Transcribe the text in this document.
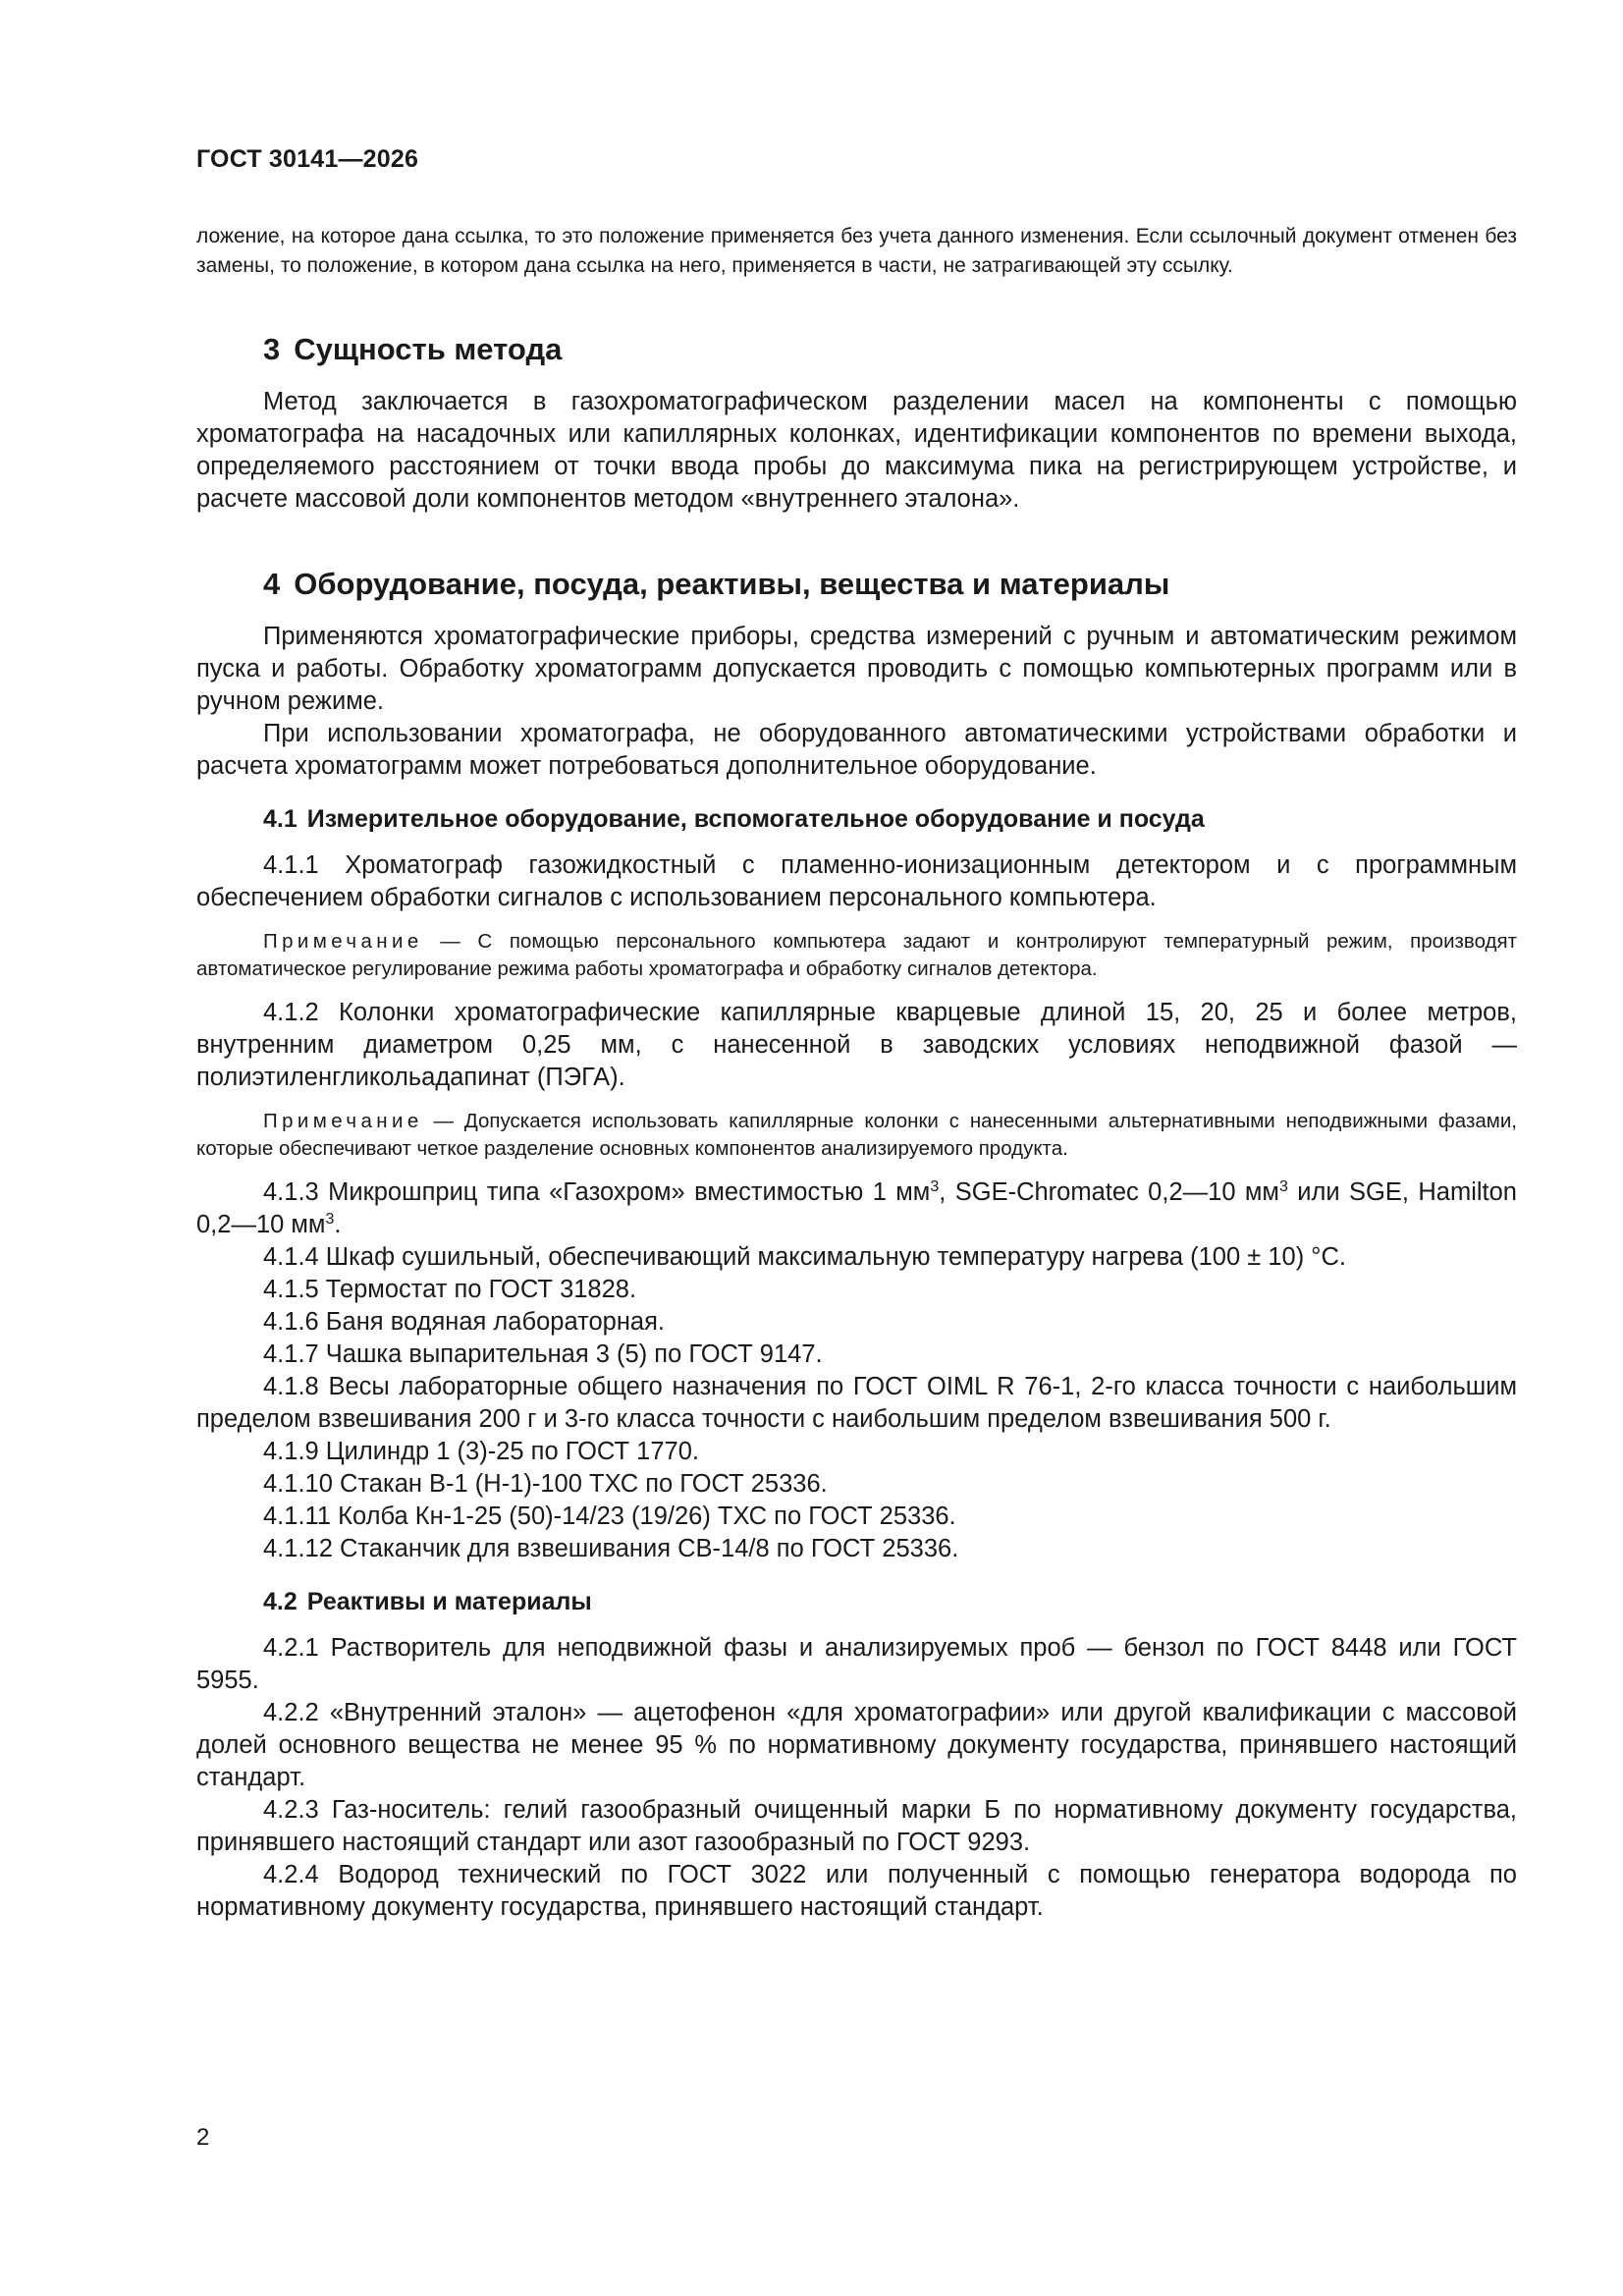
ГОСТ 30141—2026

ложение, на которое дана ссылка, то это положение применяется без учета данного изменения. Если ссылочный документ отменен без замены, то положение, в котором дана ссылка на него, применяется в части, не затрагивающей эту ссылку.

3 Сущность метода

Метод заключается в газохроматографическом разделении масел на компоненты с помощью хроматографа на насадочных или капиллярных колонках, идентификации компонентов по времени выхода, определяемого расстоянием от точки ввода пробы до максимума пика на регистрирующем устройстве, и расчете массовой доли компонентов методом «внутреннего эталона».

4 Оборудование, посуда, реактивы, вещества и материалы

Применяются хроматографические приборы, средства измерений с ручным и автоматическим режимом пуска и работы. Обработку хроматограмм допускается проводить с помощью компьютерных программ или в ручном режиме.

При использовании хроматографа, не оборудованного автоматическими устройствами обработки и расчета хроматограмм может потребоваться дополнительное оборудование.

4.1 Измерительное оборудование, вспомогательное оборудование и посуда

4.1.1 Хроматограф газожидкостный с пламенно-ионизационным детектором и с программным обеспечением обработки сигналов с использованием персонального компьютера.

Примечание — С помощью персонального компьютера задают и контролируют температурный режим, производят автоматическое регулирование режима работы хроматографа и обработку сигналов детектора.

4.1.2 Колонки хроматографические капиллярные кварцевые длиной 15, 20, 25 и более метров, внутренним диаметром 0,25 мм, с нанесенной в заводских условиях неподвижной фазой — полиэтиленгликольадапинат (ПЭГА).

Примечание — Допускается использовать капиллярные колонки с нанесенными альтернативными неподвижными фазами, которые обеспечивают четкое разделение основных компонентов анализируемого продукта.

4.1.3 Микрошприц типа «Газохром» вместимостью 1 $мм^3$, SGE-Chromatec 0,2—10 $мм^3$ или SGE, Hamilton 0,2—10 $мм^3$.

4.1.4 Шкаф сушильный, обеспечивающий максимальную температуру нагрева (100 ± 10) °С.

4.1.5 Термостат по ГОСТ 31828.

4.1.6 Баня водяная лабораторная.

4.1.7 Чашка выпарительная 3 (5) по ГОСТ 9147.

4.1.8 Весы лабораторные общего назначения по ГОСТ OIML R 76-1, 2-го класса точности с наибольшим пределом взвешивания 200 г и 3-го класса точности с наибольшим пределом взвешивания 500 г.

4.1.9 Цилиндр 1 (3)-25 по ГОСТ 1770.

4.1.10 Стакан В-1 (Н-1)-100 ТХС по ГОСТ 25336.

4.1.11 Колба Кн-1-25 (50)-14/23 (19/26) ТХС по ГОСТ 25336.

4.1.12 Стаканчик для взвешивания СВ-14/8 по ГОСТ 25336.

4.2 Реактивы и материалы

4.2.1 Растворитель для неподвижной фазы и анализируемых проб — бензол по ГОСТ 8448 или ГОСТ 5955.

4.2.2 «Внутренний эталон» — ацетофенон «для хроматографии» или другой квалификации с массовой долей основного вещества не менее 95 % по нормативному документу государства, принявшего настоящий стандарт.

4.2.3 Газ-носитель: гелий газообразный очищенный марки Б по нормативному документу государства, принявшего настоящий стандарт или азот газообразный по ГОСТ 9293.

4.2.4 Водород технический по ГОСТ 3022 или полученный с помощью генератора водорода по нормативному документу государства, принявшего настоящий стандарт.

2
